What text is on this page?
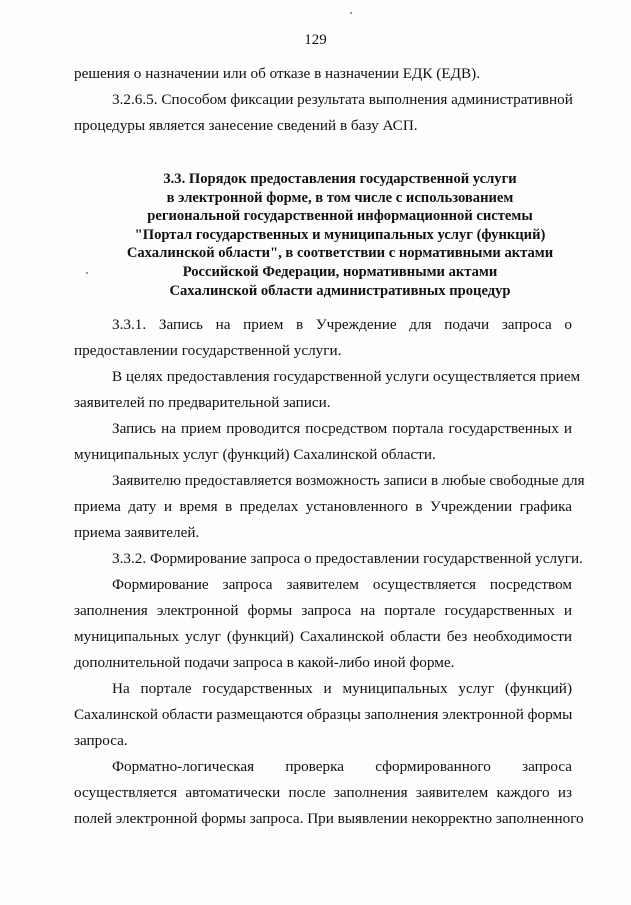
129
решения о назначении или об отказе в назначении ЕДК (ЕДВ).
3.2.6.5. Способом фиксации результата выполнения административной
процедуры является занесение сведений в базу АСП.
3.3. Порядок предоставления государственной услуги
в электронной форме, в том числе с использованием
региональной государственной информационной системы
"Портал государственных и муниципальных услуг (функций)
Сахалинской области", в соответствии с нормативными актами
Российской Федерации, нормативными актами
Сахалинской области административных процедур
3.3.1. Запись на прием в Учреждение для подачи запроса о
предоставлении государственной услуги.
В целях предоставления государственной услуги осуществляется прием
заявителей по предварительной записи.
Запись на прием проводится посредством портала государственных и
муниципальных услуг (функций) Сахалинской области.
Заявителю предоставляется возможность записи в любые свободные для
приема дату и время в пределах установленного в Учреждении графика
приема заявителей.
3.3.2. Формирование запроса о предоставлении государственной услуги.
Формирование запроса заявителем осуществляется посредством
заполнения электронной формы запроса на портале государственных и
муниципальных услуг (функций) Сахалинской области без необходимости
дополнительной подачи запроса в какой-либо иной форме.
На портале государственных и муниципальных услуг (функций)
Сахалинской области размещаются образцы заполнения электронной формы
запроса.
Форматно-логическая проверка сформированного запроса
осуществляется автоматически после заполнения заявителем каждого из
полей электронной формы запроса. При выявлении некорректно заполненного
